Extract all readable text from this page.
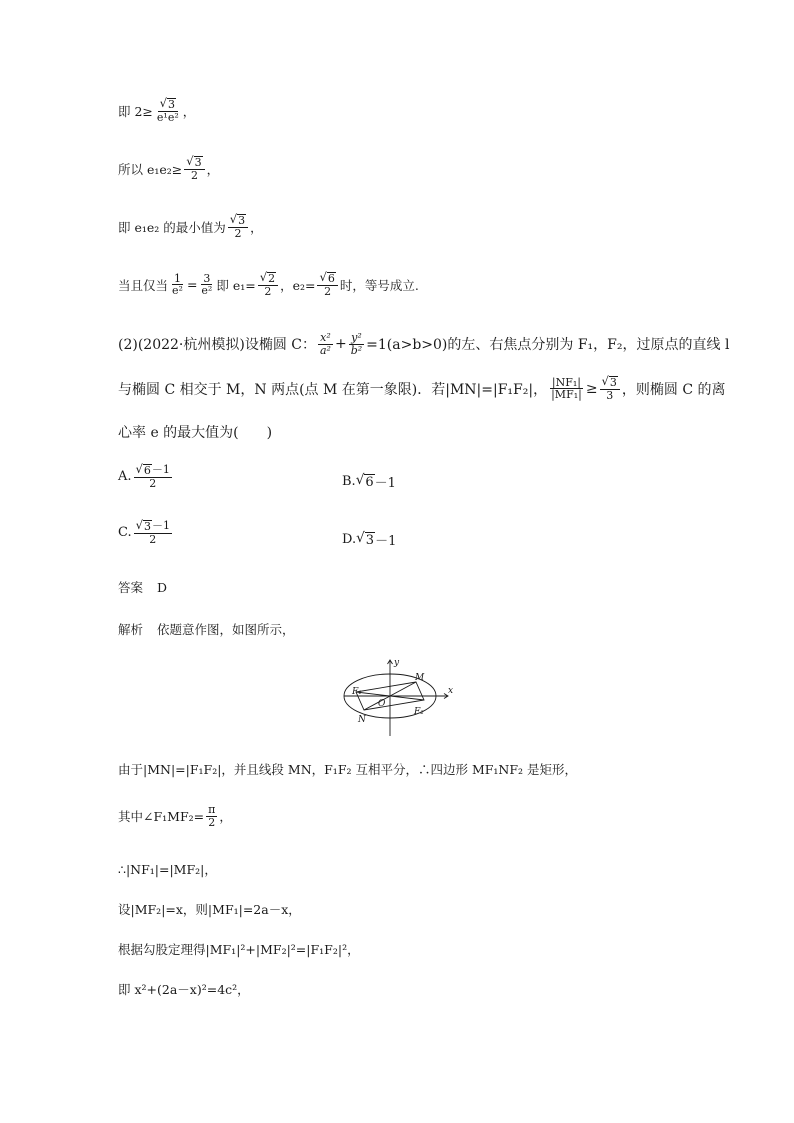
即 $2\ge \frac{√ 3}{\text{e¹e²}}$ ，
所以 $e_1e_2\ge \frac{√ 3}{2}$ ，
即 e₁e₂ 的最小值为 $\frac{√ 3}{2}$ ，
当且仅当 $\frac{1}{\text{e²}} = \frac{3}{\text{e²}}$ 即 $e_1= \frac{√ 2}{2}$ ，$e_2= \frac{√ 6}{2}$ 时，等号成立.
(2)(2022·杭州模拟)设椭圆 C： $\frac{\text{x²}}{\text{a²}} + \frac{\text{y²}}{\text{b²}} =1(a>b>0)$的左、右焦点分别为 F₁，F₂，过原点的直线 l
与椭圆 C 相交于 M，N 两点(点 M 在第一象限)．若|MN|=|F₁F₂|， $\frac{\text{|NF₁|}}{\text{|MF₁|}} \ge \frac{√ 3}{3}$ ，则椭圆 C 的离
心率 e 的最大值为(　　)
A. $\frac{√ 6 -1}{2}$	B. √ 6 －1
C. $\frac{√ 3 -1}{2}$	D. √ 3 －1
答案 D
解析 依题意作图，如图所示，
y
x
M
N
O
F₁
F₂
由于|MN|=|F₁F₂|，并且线段 MN，F₁F₂ 互相平分，∴四边形 MF₁NF₂ 是矩形，
其中∠F₁MF₂= $\frac{\pi}{2}$ ，
∴|NF₁|=|MF₂|，
设|MF₂|=x，则|MF₁|=2a－x，
根据勾股定理得|MF₁|²+|MF₂|²=|F₁F₂|²，
即 x²+(2a－x)²=4c²，
